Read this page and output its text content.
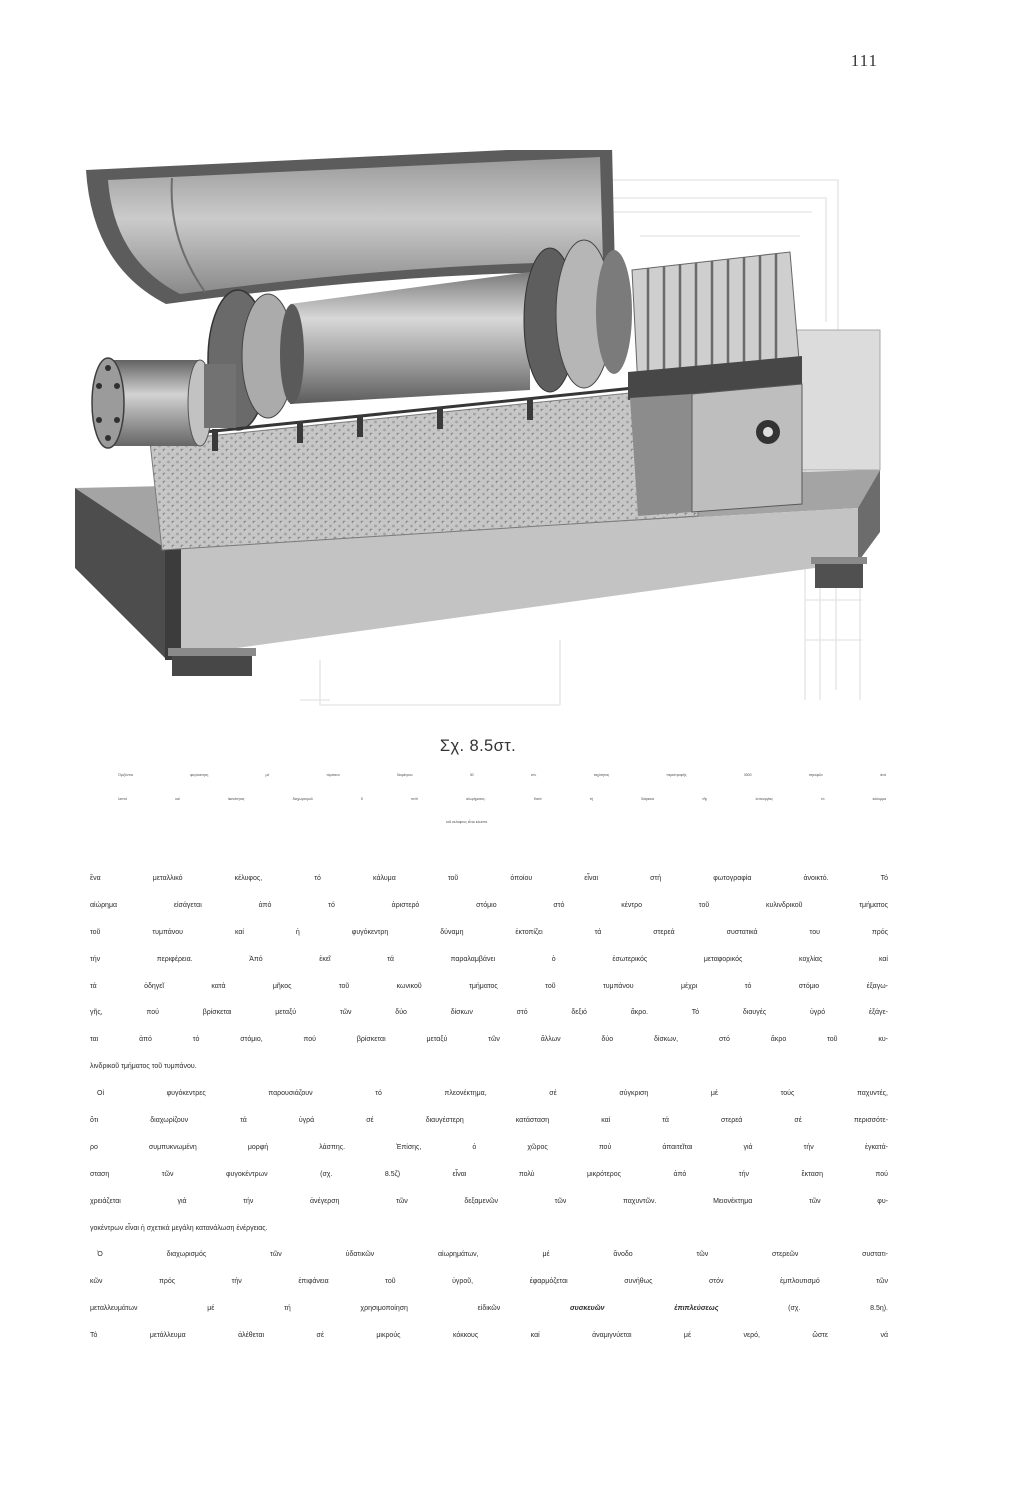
111
Σχ. 8.5στ.
Ὁριζόντια φυγόκεντρη μέ τύμπανο διαμέτρου 30 cm, ταχύτητας περιστροφῆς 3000 στροφῶν ἀνά
λεπτό καί ἱκανότητας διαχωρισμοῦ 5 m³/h αἰωρήματος. Κατά τή διάρκεια τῆς λειτουργίας τό κάλυμμα
τοῦ κελύφους εἶναι κλειστό.
ἕνα μεταλλικό κέλυφος, τό κάλυμα τοῦ ὁποίου εἶναι στή φωτογραφία ἀνοικτό. Τό
αἰώρημα εἰσάγεται ἀπό τό ἀριστερό στόμιο στό κέντρο τοῦ κυλινδρικοῦ τμήματος
τοῦ τυμπάνου καί ἡ φυγόκεντρη δύναμη ἐκτοπίζει τά στερεά συστατικά του πρός
τήν περιφέρεια. Ἀπό ἐκεῖ τά παραλαμβάνει ὁ ἐσωτερικός μεταφορικός κοχλίας καί
τά ὁδηγεῖ κατά μῆκος τοῦ κωνικοῦ τμήματος τοῦ τυμπάνου μέχρι τό στόμιο ἐξαγω-
γῆς, πού βρίσκεται μεταξύ τῶν δύο δίσκων στό δεξιό ἄκρο. Τό διαυγές ὑγρό ἐξάγε-
ται ἀπό τό στόμιο, πού βρίσκεται μεταξύ τῶν ἄλλων δύο δίσκων, στό ἄκρο τοῦ κυ-
λινδρικοῦ τμήματος τοῦ τυμπάνου.
Οἱ φυγόκεντρες παρουσιάζουν τό πλεονέκτημα, σέ σύγκριση μέ τούς παχυντές,
ὅτι διαχωρίζουν τά ὑγρά σέ διαυγέστερη κατάσταση καί τά στερεά σέ περισσότε-
ρο συμπυκνωμένη μορφή λάσπης. Ἐπίσης, ὁ χῶρος πού ἀπαιτεῖται γιά τήν ἐγκατά-
σταση τῶν φυγοκέντρων (σχ. 8.5ζ) εἶναι πολύ μικρότερος ἀπό τήν ἔκταση πού
χρειάζεται γιά τήν ἀνέγερση τῶν δεξαμενῶν τῶν παχυντῶν. Μειονέκτημα τῶν φυ-
γοκέντρων εἶναι ἡ σχετικά μεγάλη κατανάλωση ἐνέργειας.
Ὁ διαχωρισμός τῶν ὑδατικῶν αἰωρημάτων, μέ ἄνοδο τῶν στερεῶν συστατι-
κῶν πρός τήν ἐπιφάνεια τοῦ ὑγροῦ, ἐφαρμόζεται συνήθως στόν ἐμπλουτισμό τῶν
μεταλλευμάτων μέ τή χρησιμοποίηση εἰδικῶν συσκευῶν ἐπιπλεύσεως (σχ. 8.5η).
Τό μετάλλευμα ἀλέθεται σέ μικρούς κόκκους καί ἀναμιγνύεται μέ νερό, ὥστε νά
